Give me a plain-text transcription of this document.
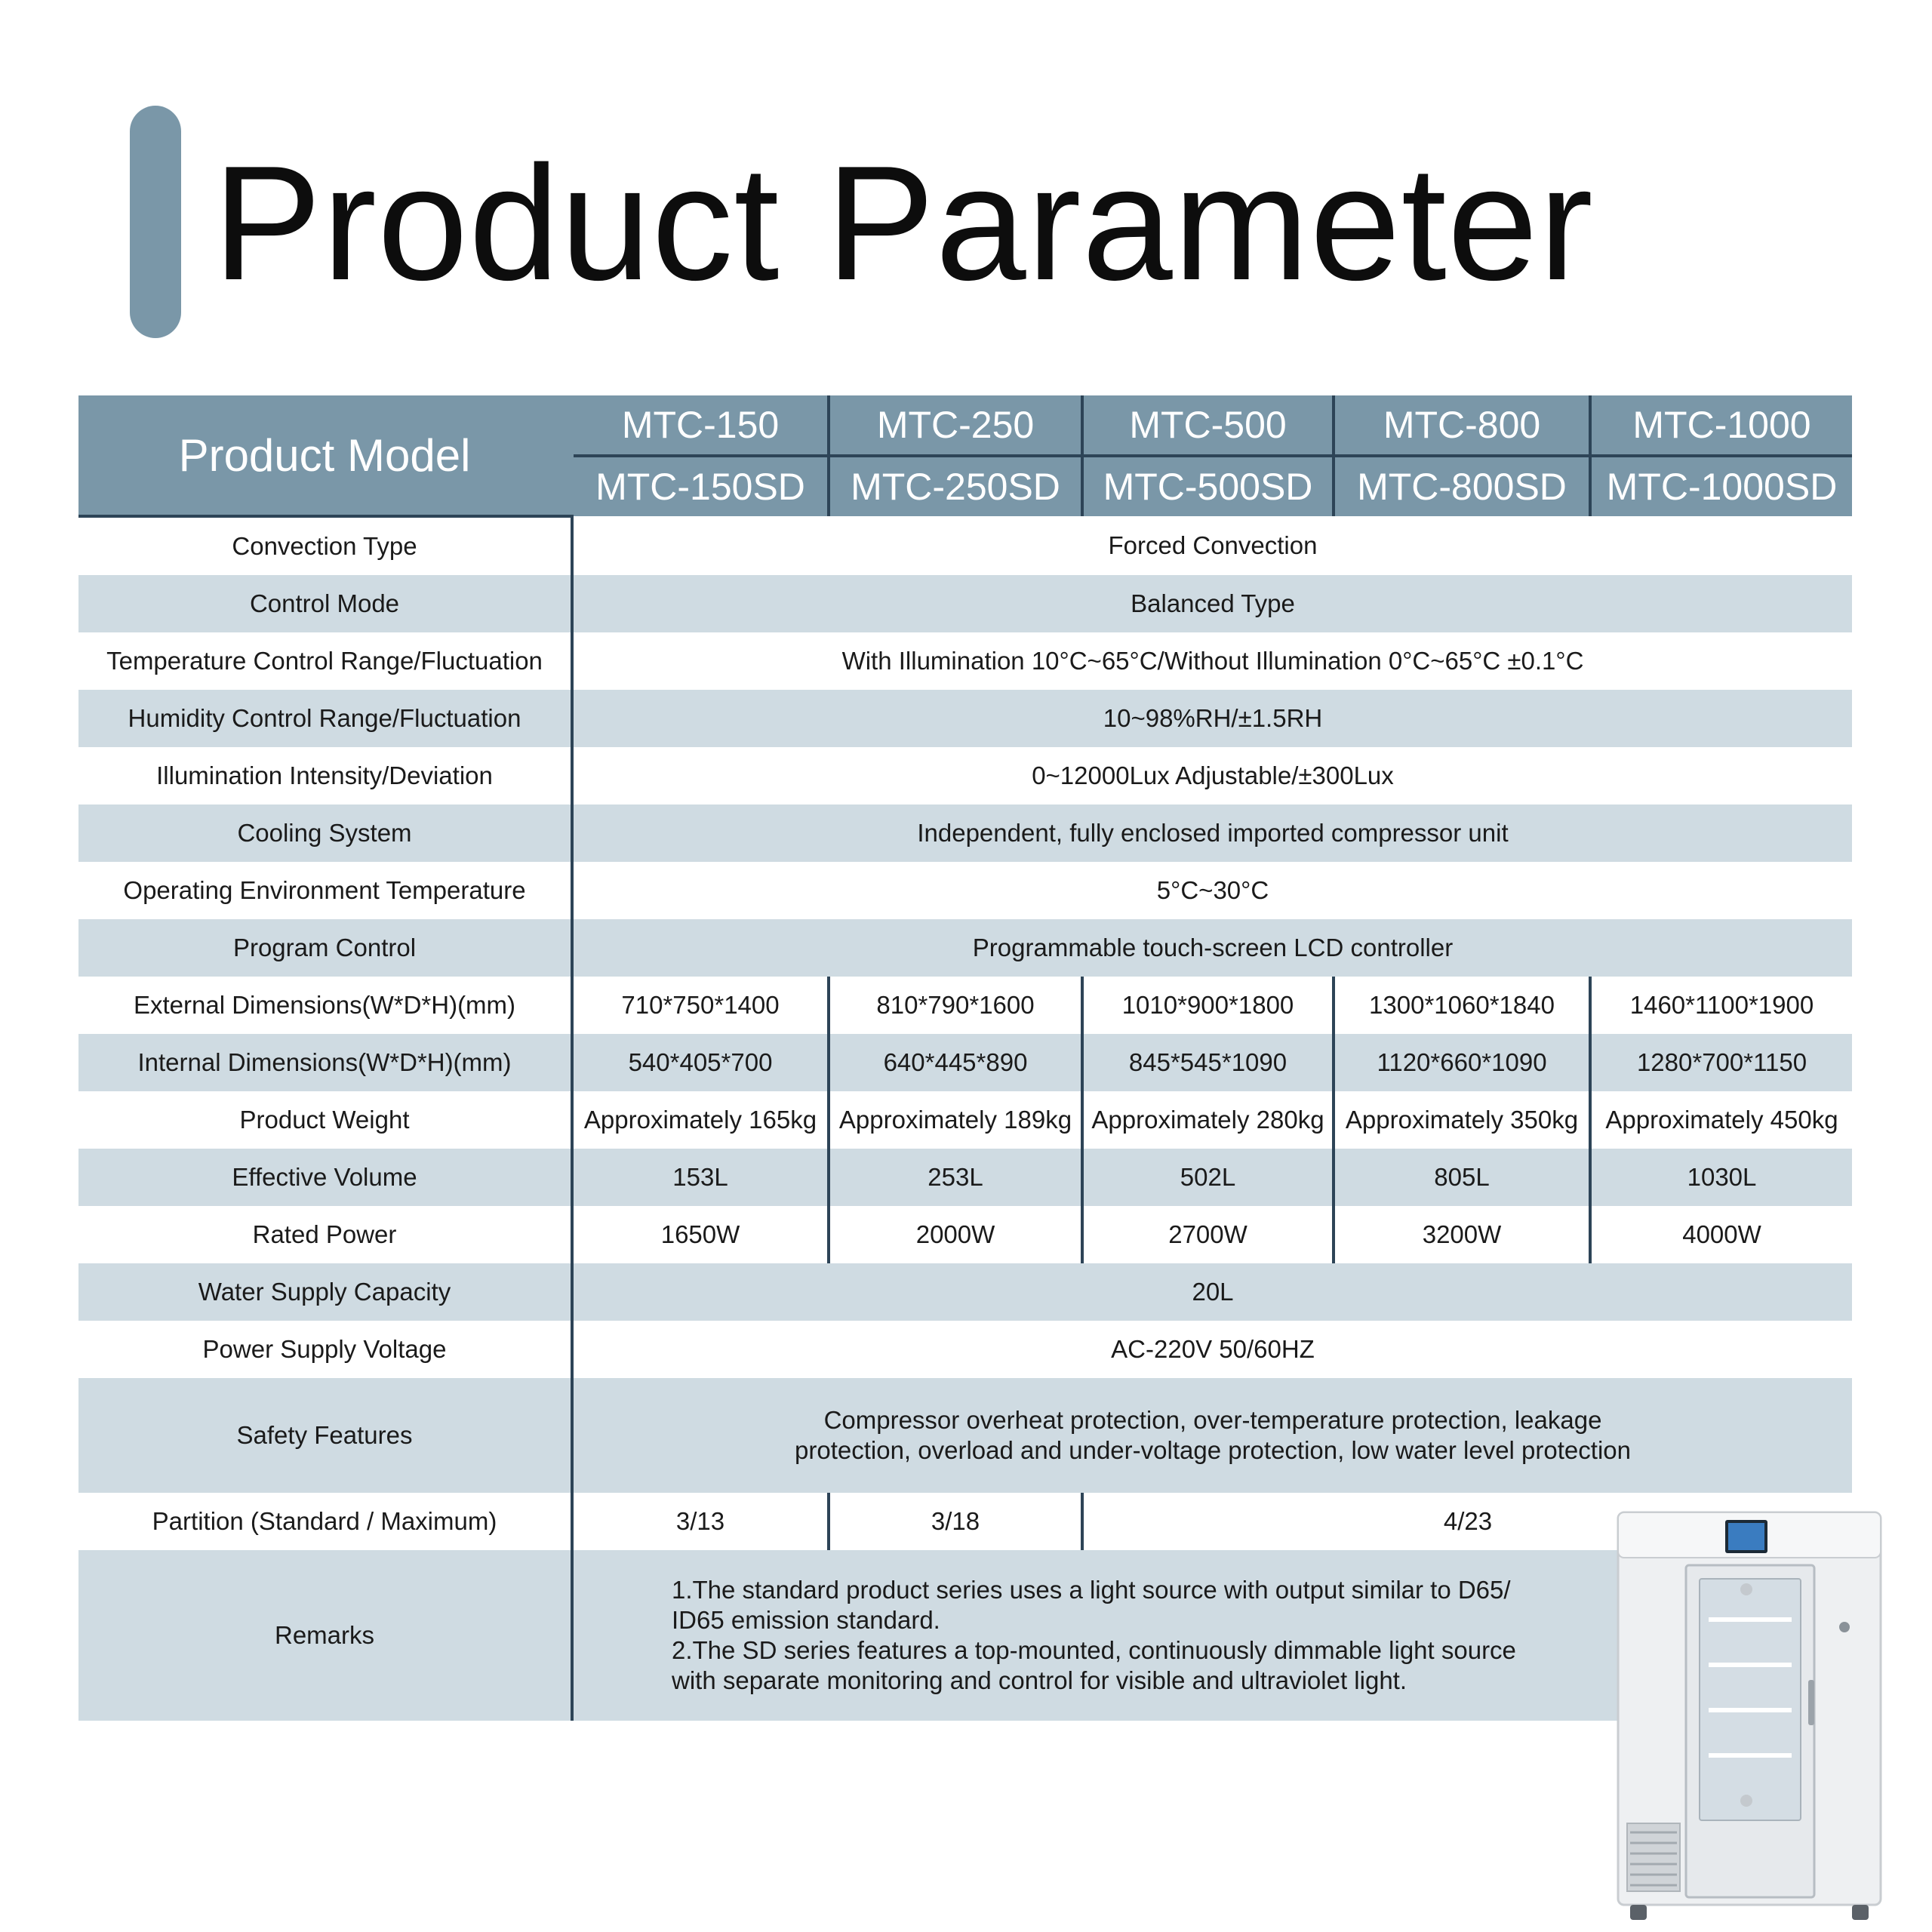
Product Parameter
Product Model	MTC-150	MTC-250	MTC-500	MTC-800	MTC-1000
	MTC-150SD	MTC-250SD	MTC-500SD	MTC-800SD	MTC-1000SD
Convection Type	Forced Convection				
Control Mode	Balanced Type				
Temperature Control Range/Fluctuation	With Illumination 10°C~65°C/Without Illumination 0°C~65°C ±0.1°C				
Humidity Control Range/Fluctuation	10~98%RH/±1.5RH				
Illumination Intensity/Deviation	0~12000Lux Adjustable/±300Lux				
Cooling System	Independent, fully enclosed imported compressor unit				
Operating Environment Temperature	5°C~30°C				
Program Control	Programmable touch-screen LCD controller				
External Dimensions(W*D*H)(mm)	710*750*1400	810*790*1600	1010*900*1800	1300*1060*1840	1460*1100*1900
Internal Dimensions(W*D*H)(mm)	540*405*700	640*445*890	845*545*1090	1120*660*1090	1280*700*1150
Product Weight	Approximately 165kg	Approximately 189kg	Approximately 280kg	Approximately 350kg	Approximately 450kg
Effective Volume	153L	253L	502L	805L	1030L
Rated Power	1650W	2000W	2700W	3200W	4000W
Water Supply Capacity	20L				
Power Supply Voltage	AC-220V 50/60HZ				
Safety Features	Compressor overheat protection, over-temperature protection, leakage
protection, overload and under-voltage protection, low water level protection				

Partition (Standard / Maximum)	3/13	3/18	4/23		
Remarks	1.The standard product series uses a light source with output similar to D65/
ID65 emission standard.
2.The SD series features a top-mounted, continuously dimmable light source
with separate monitoring and control for visible and ultraviolet light.				
